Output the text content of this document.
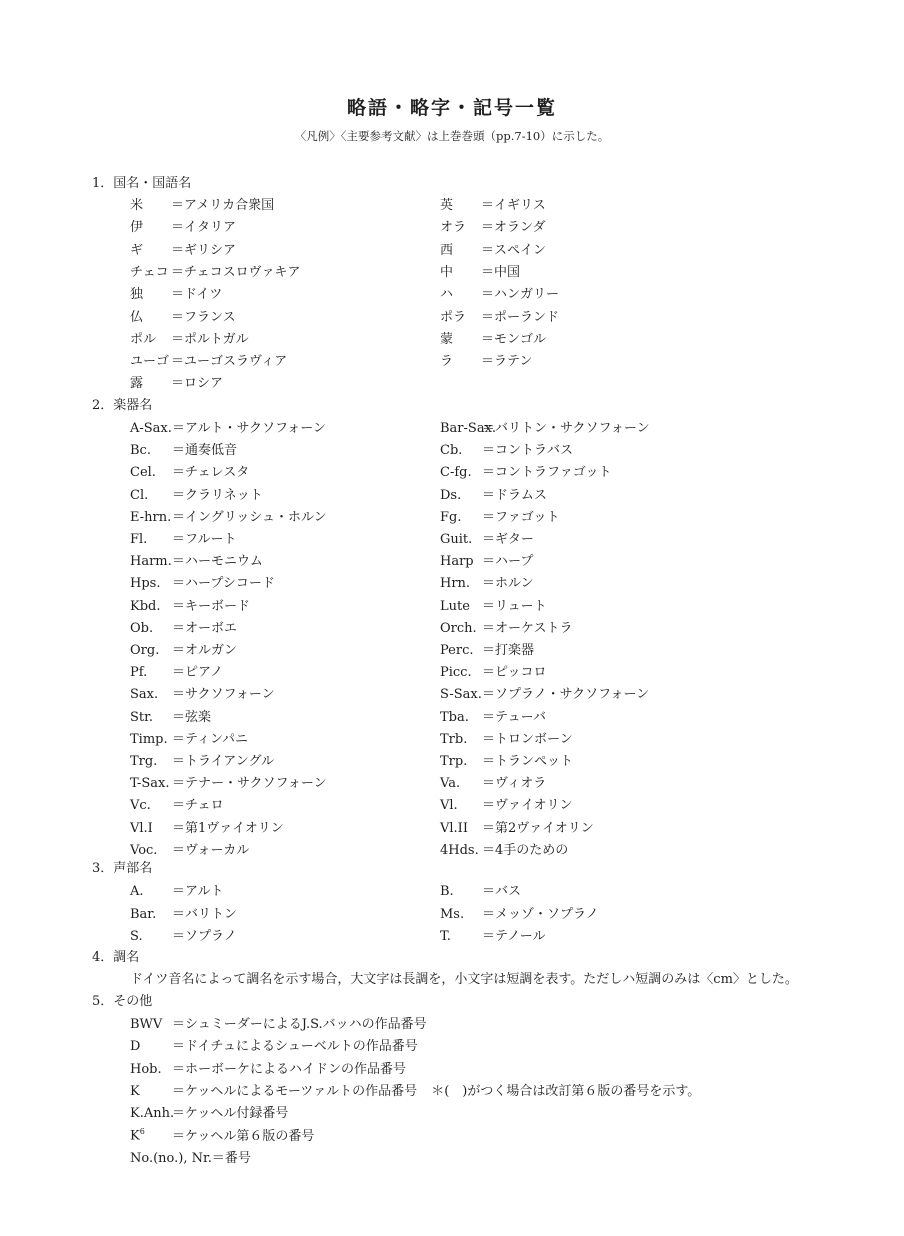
略語・略字・記号一覧
〈凡例〉〈主要参考文献〉は上巻巻頭（pp.7-10）に示した。
1．国名・国語名
米 ＝アメリカ合衆国
伊 ＝イタリア
ギ ＝ギリシア
チェコ ＝チェコスロヴァキア
独 ＝ドイツ
仏 ＝フランス
ポル ＝ポルトガル
ユーゴ ＝ユーゴスラヴィア
露 ＝ロシア
英 ＝イギリス
オラ ＝オランダ
西 ＝スペイン
中 ＝中国
ハ ＝ハンガリー
ポラ ＝ポーランド
蒙 ＝モンゴル
ラ ＝ラテン
2．楽器名
A-Sax.＝アルト・サクソフォーン
Bc. ＝通奏低音
Cel. ＝チェレスタ
Cl. ＝クラリネット
E-hrn.＝イングリッシュ・ホルン
Fl. ＝フルート
Harm.＝ハーモニウム
Hps. ＝ハープシコード
Kbd. ＝キーボード
Ob. ＝オーボエ
Org. ＝オルガン
Pf. ＝ピアノ
Sax. ＝サクソフォーン
Str. ＝弦楽
Timp. ＝ティンパニ
Trg. ＝トライアングル
T-Sax. ＝テナー・サクソフォーン
Vc. ＝チェロ
Vl.I ＝第1ヴァイオリン
Voc. ＝ヴォーカル
Bar-Sax.＝バリトン・サクソフォーン
Cb. ＝コントラバス
C-fg. ＝コントラファゴット
Ds. ＝ドラムス
Fg. ＝ファゴット
Guit. ＝ギター
Harp ＝ハープ
Hrn. ＝ホルン
Lute ＝リュート
Orch. ＝オーケストラ
Perc. ＝打楽器
Picc. ＝ピッコロ
S-Sax.＝ソプラノ・サクソフォーン
Tba. ＝テューバ
Trb. ＝トロンボーン
Trp. ＝トランペット
Va. ＝ヴィオラ
Vl. ＝ヴァイオリン
Vl.II ＝第2ヴァイオリン
4Hds. ＝4手のための
3．声部名
A. ＝アルト
Bar. ＝バリトン
S. ＝ソプラノ
B. ＝バス
Ms. ＝メッゾ・ソプラノ
T. ＝テノール
4．調名
ドイツ音名によって調名を示す場合，大文字は長調を，小文字は短調を表す。ただしハ短調のみは〈cm〉とした。
5．その他
BWV ＝シュミーダーによるJ.S.バッハの作品番号
D ＝ドイチュによるシューベルトの作品番号
Hob. ＝ホーボーケによるハイドンの作品番号
K ＝ケッヘルによるモーツァルトの作品番号 ＊(　)がつく場合は改訂第６版の番号を示す。
K.Anh.＝ケッヘル付録番号
$K^6$ ＝ケッヘル第６版の番号
No.(no.), Nr.＝番号
